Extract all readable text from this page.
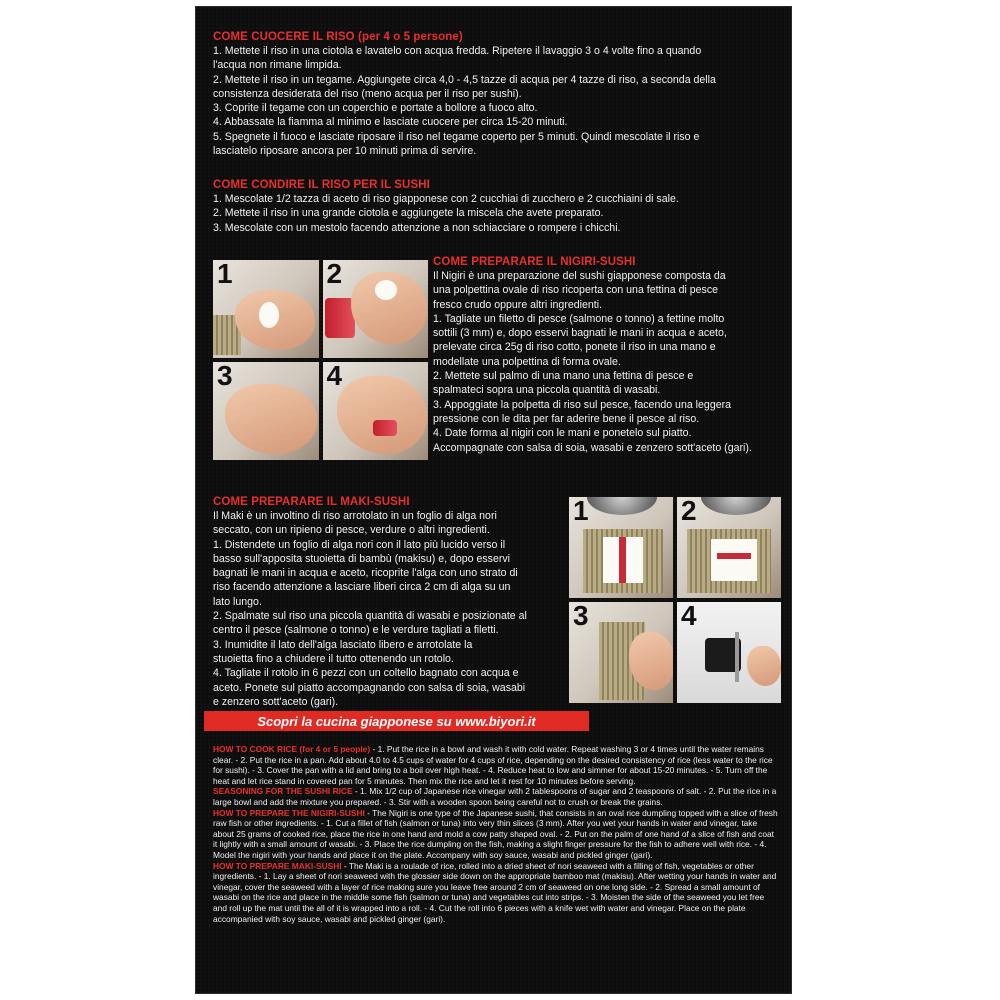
COME CUOCERE IL RISO (per 4 o 5 persone)
1. Mettete il riso in una ciotola e lavatelo con acqua fredda. Ripetere il lavaggio 3 o 4 volte fino a quando
l'acqua non rimane limpida.
2. Mettete il riso in un tegame. Aggiungete circa 4,0 - 4,5 tazze di acqua per 4 tazze di riso, a seconda della
consistenza desiderata del riso (meno acqua per il riso per sushi).
3. Coprite il tegame con un coperchio e portate a bollore a fuoco alto.
4. Abbassate la fiamma al minimo e lasciate cuocere per circa 15-20 minuti.
5. Spegnete il fuoco e lasciate riposare il riso nel tegame coperto per 5 minuti. Quindi mescolate il riso e
lasciatelo riposare ancora per 10 minuti prima di servire.
COME CONDIRE IL RISO PER IL SUSHI
1. Mescolate 1/2 tazza di aceto di riso giapponese con 2 cucchiai di zucchero e 2 cucchiaini di sale.
2. Mettete il riso in una grande ciotola e aggiungete la miscela che avete preparato.
3. Mescolate con un mestolo facendo attenzione a non schiacciare o rompere i chicchi.
1	2
3	4
COME PREPARARE IL NIGIRI-SUSHI
Il Nigiri è una preparazione del sushi giapponese composta da
una polpettina ovale di riso ricoperta con una fettina di pesce
fresco crudo oppure altri ingredienti.
1. Tagliate un filetto di pesce (salmone o tonno) a fettine molto
sottili (3 mm) e, dopo esservi bagnati le mani in acqua e aceto,
prelevate circa 25g di riso cotto, ponete il riso in una mano e
modellate una polpettina di forma ovale.
2. Mettete sul palmo di una mano una fettina di pesce e
spalmateci sopra una piccola quantità di wasabi.
3. Appoggiate la polpetta di riso sul pesce, facendo una leggera
pressione con le dita per far aderire bene il pesce al riso.
4. Date forma al nigiri con le mani e ponetelo sul piatto.
Accompagnate con salsa di soia, wasabi e zenzero sott'aceto (gari).
COME PREPARARE IL MAKI-SUSHI
Il Maki è un involtino di riso arrotolato in un foglio di alga nori
seccato, con un ripieno di pesce, verdure o altri ingredienti.
1. Distendete un foglio di alga nori con il lato più lucido verso il
basso sull'apposita stuoietta di bambù (makisu) e, dopo esservi
bagnati le mani in acqua e aceto, ricoprite l'alga con uno strato di
riso facendo attenzione a lasciare liberi circa 2 cm di alga su un
lato lungo.
2. Spalmate sul riso una piccola quantità di wasabi e posizionate al
centro il pesce (salmone o tonno) e le verdure tagliati a filetti.
3. Inumidite il lato dell'alga lasciato libero e arrotolate la
stuoietta fino a chiudere il tutto ottenendo un rotolo.
4. Tagliate il rotolo in 6 pezzi con un coltello bagnato con acqua e
aceto. Ponete sul piatto accompagnando con salsa di soia, wasabi
e zenzero sott'aceto (gari).
1	2
3	4

HOW TO COOK RICE (for 4 or 5 people) - 1. Put the rice in a bowl and wash it with cold water. Repeat washing 3 or 4 times until the water remains clear. - 2. Put the rice in a pan. Add about 4.0 to 4.5 cups of water for 4 cups of rice, depending on the desired consistency of rice (less water to the rice for sushi). - 3. Cover the pan with a lid and bring to a boil over high heat. - 4. Reduce heat to low and simmer for about 15-20 minutes. - 5. Turn off the heat and let rice stand in covered pan for 5 minutes. Then mix the rice and let it rest for 10 minutes before serving.

SEASONING FOR THE SUSHI RICE - 1. Mix 1/2 cup of Japanese rice vinegar with 2 tablespoons of sugar and 2 teaspoons of salt. - 2. Put the rice in a large bowl and add the mixture you prepared. - 3. Stir with a wooden spoon being careful not to crush or break the grains.

HOW TO PREPARE THE NIGIRI-SUSHI - The Nigiri is one type of the Japanese sushi, that consists in an oval rice dumpling topped with a slice of fresh raw fish or other ingredients. - 1. Cut a fillet of fish (salmon or tuna) into very thin slices (3 mm). After you wet your hands in water and vinegar, take about 25 grams of cooked rice, place the rice in one hand and mold a cow patty shaped oval. - 2. Put on the palm of one hand of a slice of fish and coat it lightly with a small amount of wasabi. - 3. Place the rice dumpling on the fish, making a slight finger pressure for the fish to adhere well with rice. - 4. Model the nigiri with your hands and place it on the plate. Accompany with soy sauce, wasabi and pickled ginger (gari).

HOW TO PREPARE MAKI-SUSHI - The Maki is a roulade of rice, rolled into a dried sheet of nori seaweed with a filling of fish, vegetables or other ingredients. - 1. Lay a sheet of nori seaweed with the glossier side down on the appropriate bamboo mat (makisu). After wetting your hands in water and vinegar, cover the seaweed with a layer of rice making sure you leave free around 2 cm of seaweed on one long side. - 2. Spread a small amount of wasabi on the rice and place in the middle some fish (salmon or tuna) and vegetables cut into strips. - 3. Moisten the side of the seaweed you let free and roll up the mat until the all of it is wrapped into a roll. - 4. Cut the roll into 6 pieces with a knife wet with water and vinegar. Place on the plate accompanied with soy sauce, wasabi and pickled ginger (gari).

Scopri la cucina giapponese su www.biyori.it
